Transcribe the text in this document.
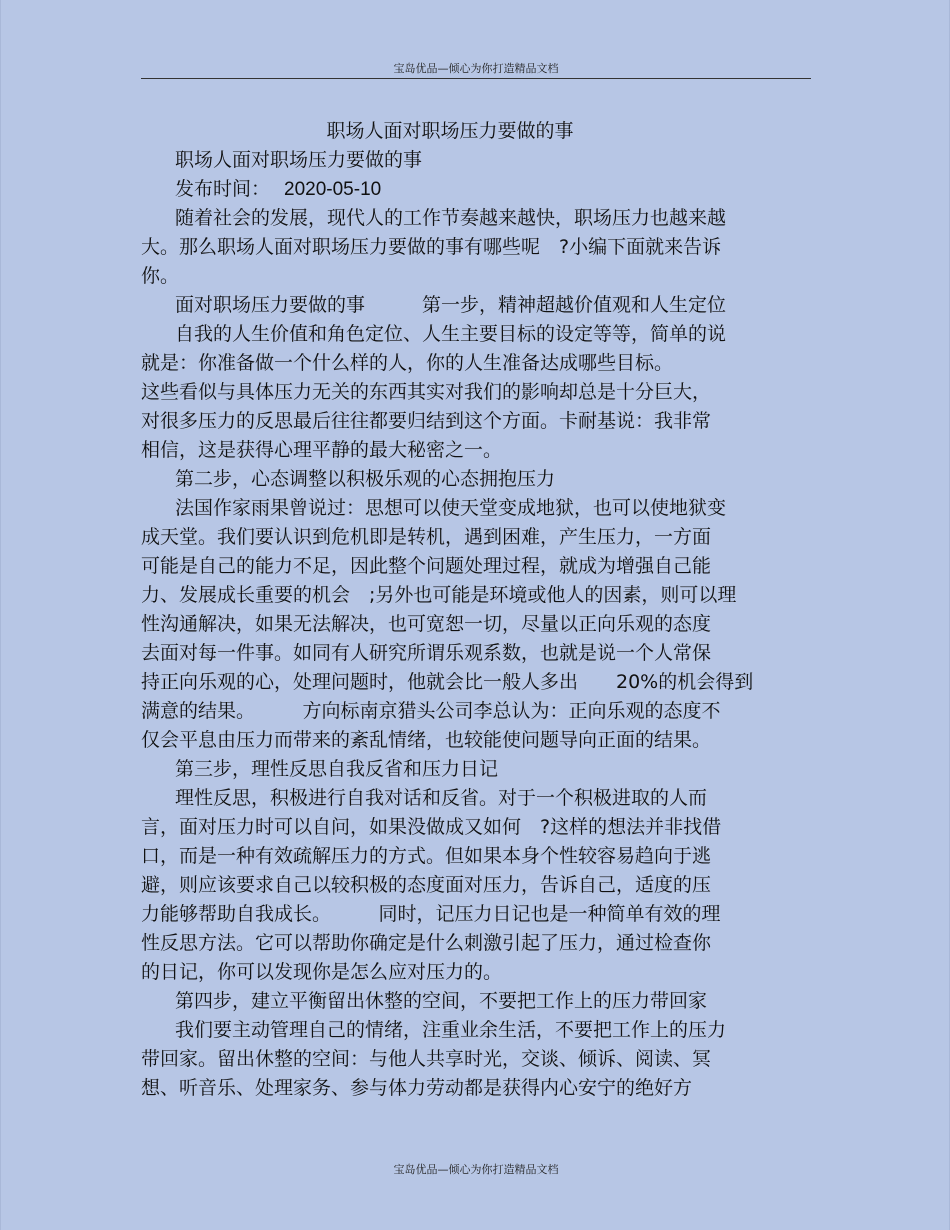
宝岛优品—倾心为你打造精品文档
职场人面对职场压力要做的事
职场人面对职场压力要做的事
发布时间： 2020-05-10
随着社会的发展，现代人的工作节奏越来越快，职场压力也越来越
大。那么职场人面对职场压力要做的事有哪些呢　?小编下面就来告诉
你。
面对职场压力要做的事　　　第一步，精神超越价值观和人生定位
自我的人生价值和角色定位、人生主要目标的设定等等，简单的说
就是：你准备做一个什么样的人，你的人生准备达成哪些目标。
这些看似与具体压力无关的东西其实对我们的影响却总是十分巨大，
对很多压力的反思最后往往都要归结到这个方面。卡耐基说：我非常
相信，这是获得心理平静的最大秘密之一。
第二步，心态调整以积极乐观的心态拥抱压力
法国作家雨果曾说过：思想可以使天堂变成地狱，也可以使地狱变
成天堂。我们要认识到危机即是转机，遇到困难，产生压力，一方面
可能是自己的能力不足，因此整个问题处理过程，就成为增强自己能
力、发展成长重要的机会　;另外也可能是环境或他人的因素，则可以理
性沟通解决，如果无法解决，也可宽恕一切，尽量以正向乐观的态度
去面对每一件事。如同有人研究所谓乐观系数，也就是说一个人常保
持正向乐观的心，处理问题时，他就会比一般人多出　　20%的机会得到
满意的结果。　　　方向标南京猎头公司李总认为：正向乐观的态度不
仅会平息由压力而带来的紊乱情绪，也较能使问题导向正面的结果。
第三步，理性反思自我反省和压力日记
理性反思，积极进行自我对话和反省。对于一个积极进取的人而
言，面对压力时可以自问，如果没做成又如何　?这样的想法并非找借
口，而是一种有效疏解压力的方式。但如果本身个性较容易趋向于逃
避，则应该要求自己以较积极的态度面对压力，告诉自己，适度的压
力能够帮助自我成长。　　　同时，记压力日记也是一种简单有效的理
性反思方法。它可以帮助你确定是什么刺激引起了压力，通过检查你
的日记，你可以发现你是怎么应对压力的。
第四步，建立平衡留出休整的空间，不要把工作上的压力带回家
我们要主动管理自己的情绪，注重业余生活，不要把工作上的压力
带回家。留出休整的空间：与他人共享时光，交谈、倾诉、阅读、冥
想、听音乐、处理家务、参与体力劳动都是获得内心安宁的绝好方
宝岛优品—倾心为你打造精品文档
